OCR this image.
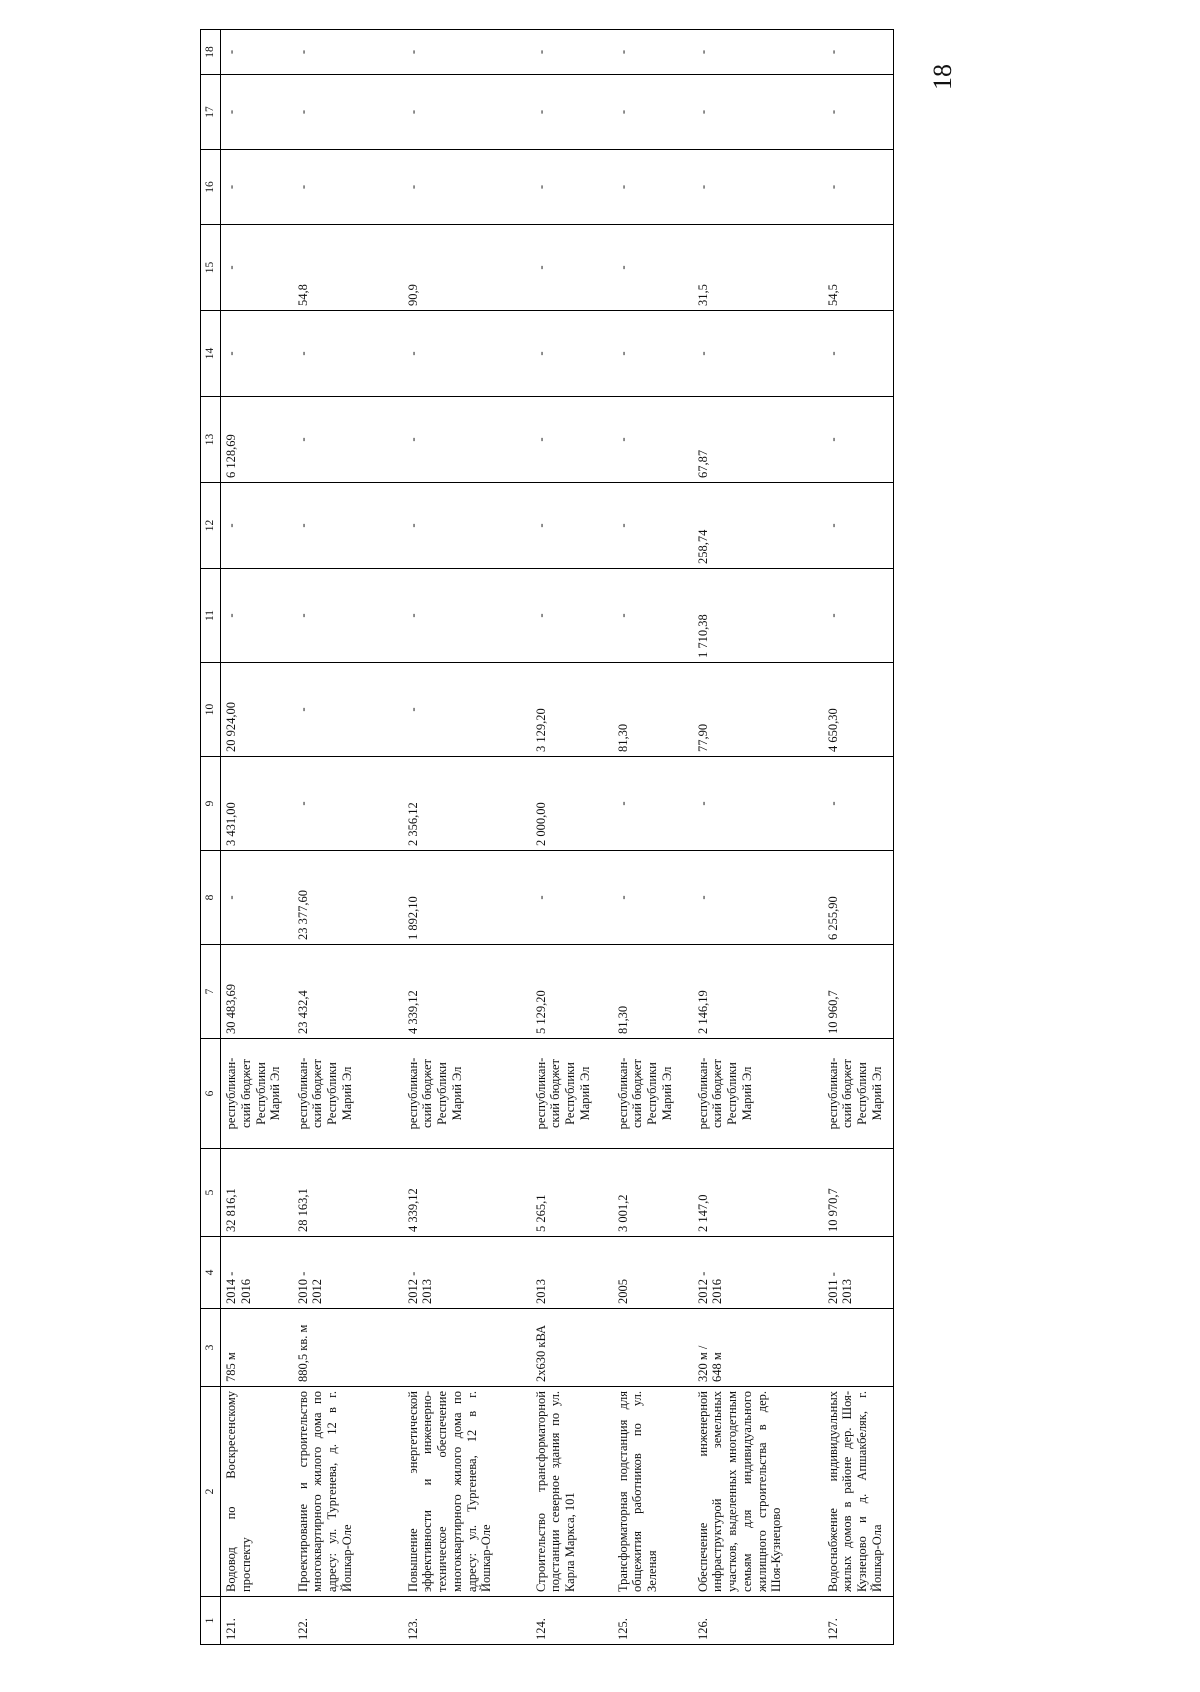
18
1	2	3	4	5	6	7	8	9	10	11	12	13	14	15	16	17	18
121.	Водовод по Воскресенскому проспекту	785 м	2014 -
2016	32 816,1	республикан-
ский бюджет
Республики
Марий Эл	30 483,69	-	3 431,00	20 924,00	-	-	6 128,69	-	-	-	-	-
122.	Проектирование и строительство многоквартирного жилого дома по адресу: ул. Тургенева, д. 12 в г. Йошкар-Оле	880,5 кв. м	2010 -
2012	28 163,1	республикан-
ский бюджет
Республики
Марий Эл	23 432,4	23 377,60	-	-	-	-	-	-	54,8	-	-	-
123.	Повышение энергетической эффективности и инженерно-техническое обеспечение многоквартирного жилого дома по адресу: ул. Тургенева, 12 в г. Йошкар-Оле		2012 -
2013	4 339,12	республикан-
ский бюджет
Республики
Марий Эл	4 339,12	1 892,10	2 356,12	-	-	-	-	-	90,9	-	-	-
124.	Строительство трансформаторной подстанции северное здания по ул. Карла Маркса, 101	2х630 кВА	2013	5 265,1	республикан-
ский бюджет
Республики
Марий Эл	5 129,20	-	2 000,00	3 129,20	-	-	-	-	-	-	-	-
125.	Трансформаторная подстанция для общежития работников по ул. Зеленая		2005	3 001,2	республикан-
ский бюджет
Республики
Марий Эл	81,30	-	-	81,30	-	-	-	-	-	-	-	-
126.	Обеспечение инженерной инфраструктурой земельных участков, выделенных многодетным семьям для индивидуального жилищного строительства в дер. Шоя-Кузнецово	320 м /
648 м	2012 -
2016	2 147,0	республикан-
ский бюджет
Республики
Марий Эл	2 146,19	-	-	77,90	1 710,38	258,74	67,87	-	31,5	-	-	-
127.	Водоснабжение индивидуальных жилых домов в районе дер. Шоя-Кузнецово и д. Апшакбеляк, г. Йошкар-Ола		2011 -
2013	10 970,7	республикан-
ский бюджет
Республики
Марий Эл	10 960,7	6 255,90	-	4 650,30	-	-	-	-	54,5	-	-	-
